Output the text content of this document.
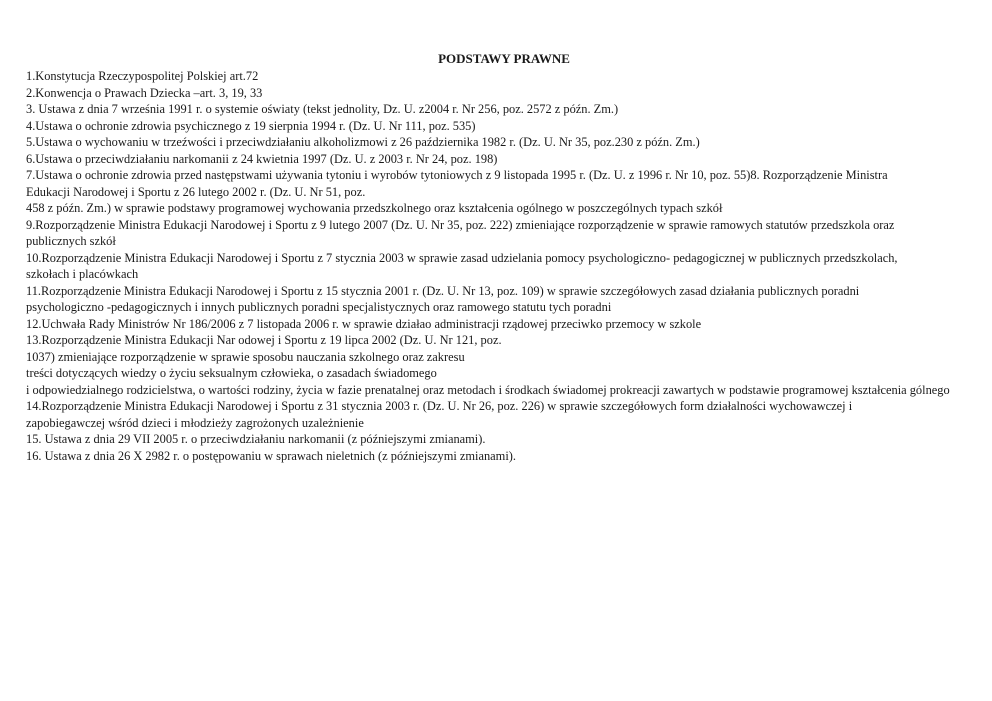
PODSTAWY PRAWNE
1.Konstytucja Rzeczypospolitej Polskiej art.72
2.Konwencja o Prawach Dziecka –art. 3, 19, 33
3. Ustawa z dnia 7 września 1991 r. o systemie oświaty (tekst jednolity, Dz. U. z2004 r. Nr 256, poz. 2572 z późn. Zm.)
4.Ustawa o ochronie zdrowia psychicznego z 19 sierpnia 1994 r. (Dz. U. Nr 111, poz. 535)
5.Ustawa o wychowaniu w trzeźwości i przeciwdziałaniu alkoholizmowi z 26 października 1982 r. (Dz. U. Nr 35, poz.230 z późn. Zm.)
6.Ustawa o przeciwdziałaniu narkomanii z 24 kwietnia 1997 (Dz. U. z 2003 r. Nr 24, poz. 198)
7.Ustawa o ochronie zdrowia przed następstwami używania tytoniu i wyrobów tytoniowych z 9 listopada 1995 r. (Dz. U. z 1996 r. Nr 10, poz. 55)8. Rozporządzenie Ministra Edukacji Narodowej i Sportu z 26 lutego 2002 r. (Dz. U. Nr 51, poz.
458 z późn. Zm.) w sprawie podstawy programowej wychowania przedszkolnego oraz kształcenia ogólnego w poszczególnych typach szkół
9.Rozporządzenie Ministra Edukacji Narodowej i Sportu z 9 lutego 2007 (Dz. U. Nr 35, poz. 222) zmieniające rozporządzenie w sprawie ramowych statutów przedszkola oraz publicznych szkół
10.Rozporządzenie Ministra Edukacji Narodowej i Sportu z 7 stycznia 2003 w sprawie zasad udzielania pomocy psychologiczno- pedagogicznej w publicznych przedszkolach, szkołach i placówkach
11.Rozporządzenie Ministra Edukacji Narodowej i Sportu z 15 stycznia 2001 r. (Dz. U. Nr 13, poz. 109) w sprawie szczegółowych zasad działania publicznych poradni psychologiczno -pedagogicznych i innych publicznych poradni specjalistycznych oraz ramowego statutu tych poradni
12.Uchwała Rady Ministrów Nr 186/2006 z 7 listopada 2006 r. w sprawie działao administracji rządowej przeciwko przemocy w szkole
13.Rozporządzenie Ministra Edukacji Nar odowej i Sportu z 19 lipca 2002 (Dz. U. Nr 121, poz.
1037) zmieniające rozporządzenie w sprawie sposobu nauczania szkolnego oraz zakresu
treści dotyczących wiedzy o życiu seksualnym człowieka, o zasadach świadomego
i odpowiedzialnego rodzicielstwa, o wartości rodziny, życia w fazie prenatalnej oraz metodach i środkach świadomej prokreacji zawartych w podstawie programowej kształcenia gólnego
14.Rozporządzenie Ministra Edukacji Narodowej i Sportu z 31 stycznia 2003 r. (Dz. U. Nr 26, poz. 226) w sprawie szczegółowych form działalności wychowawczej i zapobiegawczej wśród dzieci i młodzieży zagrożonych uzależnienie
15. Ustawa z dnia 29 VII 2005 r. o przeciwdziałaniu narkomanii (z późniejszymi zmianami).
16. Ustawa z dnia 26 X 2982 r. o postępowaniu w sprawach nieletnich (z późniejszymi zmianami).
